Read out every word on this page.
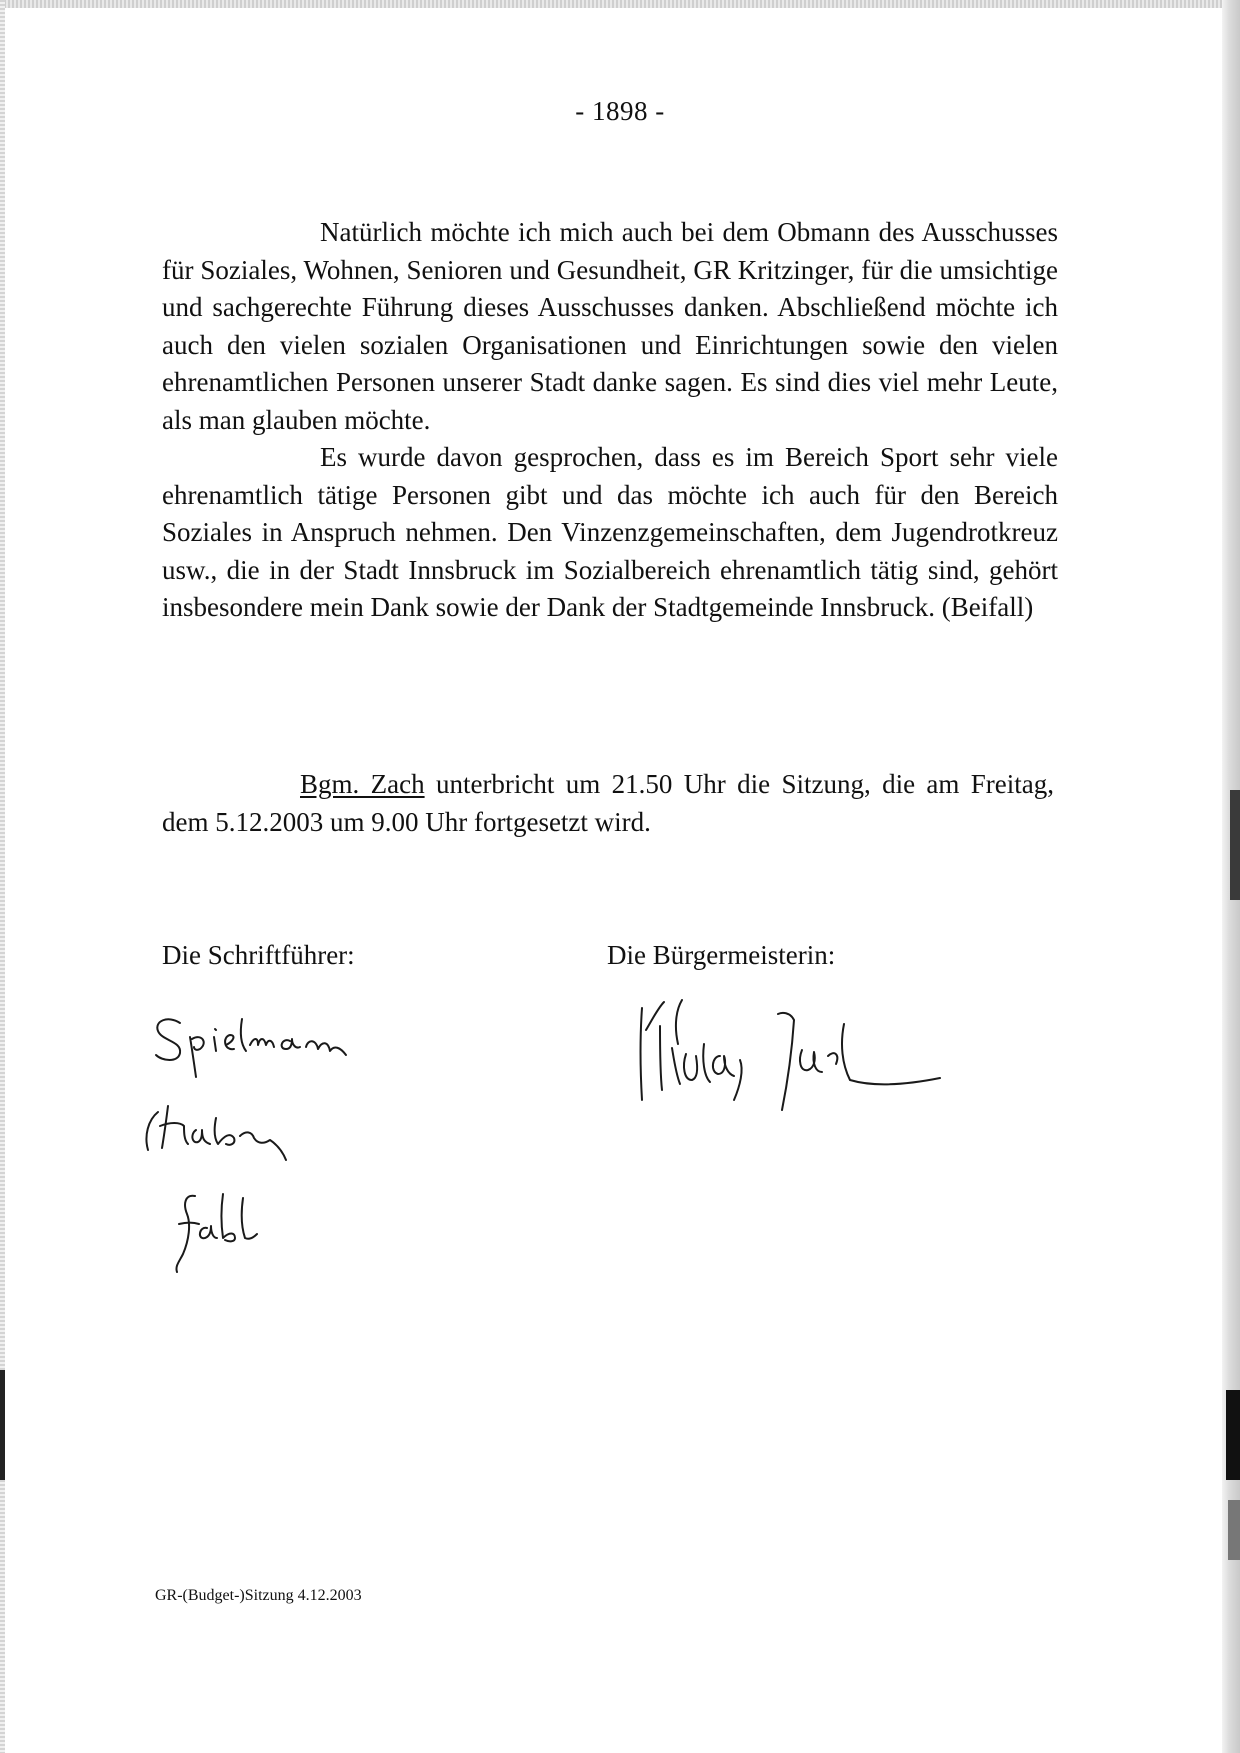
- 1898 -

Natürlich möchte ich mich auch bei dem Obmann des Ausschusses für Soziales, Wohnen, Senioren und Gesundheit, GR Kritzinger, für die umsichtige und sachgerechte Führung dieses Ausschusses danken. Abschließend möchte ich auch den vielen sozialen Organisationen und Einrichtungen sowie den vielen ehrenamtlichen Personen unserer Stadt danke sagen. Es sind dies viel mehr Leute, als man glauben möchte.

Es wurde davon gesprochen, dass es im Bereich Sport sehr viele ehrenamtlich tätige Personen gibt und das möchte ich auch für den Bereich Soziales in Anspruch nehmen. Den Vinzenzgemeinschaften, dem Jugendrotkreuz usw., die in der Stadt Innsbruck im Sozialbereich ehrenamtlich tätig sind, gehört insbesondere mein Dank sowie der Dank der Stadtgemeinde Innsbruck. (Beifall)

Bgm. Zach unterbricht um 21.50 Uhr die Sitzung, die am Freitag, dem 5.12.2003 um 9.00 Uhr fortgesetzt wird.

Die Schriftführer:	Die Bürgermeisterin:
GR-(Budget-)Sitzung 4.12.2003
